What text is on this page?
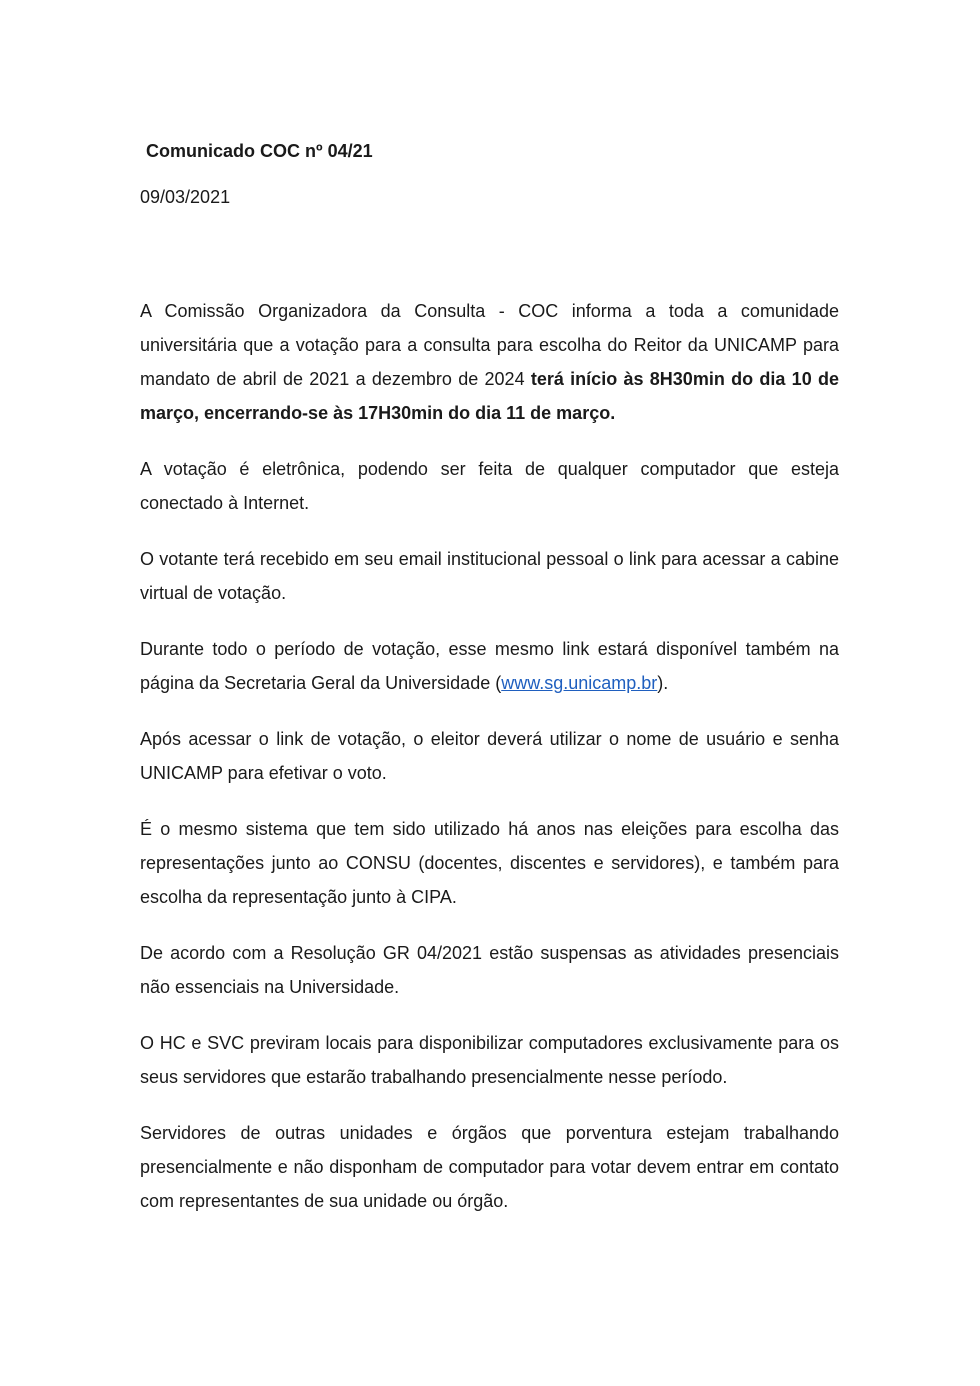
Comunicado COC nº 04/21

09/03/2021

A Comissão Organizadora da Consulta - COC informa a toda a comunidade universitária que a votação para a consulta para escolha do Reitor da UNICAMP para mandato de abril de 2021 a dezembro de 2024 terá início às 8H30min do dia 10 de março, encerrando-se às 17H30min do dia 11 de março.

A votação é eletrônica, podendo ser feita de qualquer computador que esteja conectado à Internet.

O votante terá recebido em seu email institucional pessoal o link para acessar a cabine virtual de votação.

Durante todo o período de votação, esse mesmo link estará disponível também na página da Secretaria Geral da Universidade (www.sg.unicamp.br).

Após acessar o link de votação, o eleitor deverá utilizar o nome de usuário e senha UNICAMP para efetivar o voto.

É o mesmo sistema que tem sido utilizado há anos nas eleições para escolha das representações junto ao CONSU (docentes, discentes e servidores), e também para escolha da representação junto à CIPA.

De acordo com a Resolução GR 04/2021 estão suspensas as atividades presenciais não essenciais na Universidade.

O HC e SVC previram locais para disponibilizar computadores exclusivamente para os seus servidores que estarão trabalhando presencialmente nesse período.

Servidores de outras unidades e órgãos que porventura estejam trabalhando presencialmente e não disponham de computador para votar devem entrar em contato com representantes de sua unidade ou órgão.
